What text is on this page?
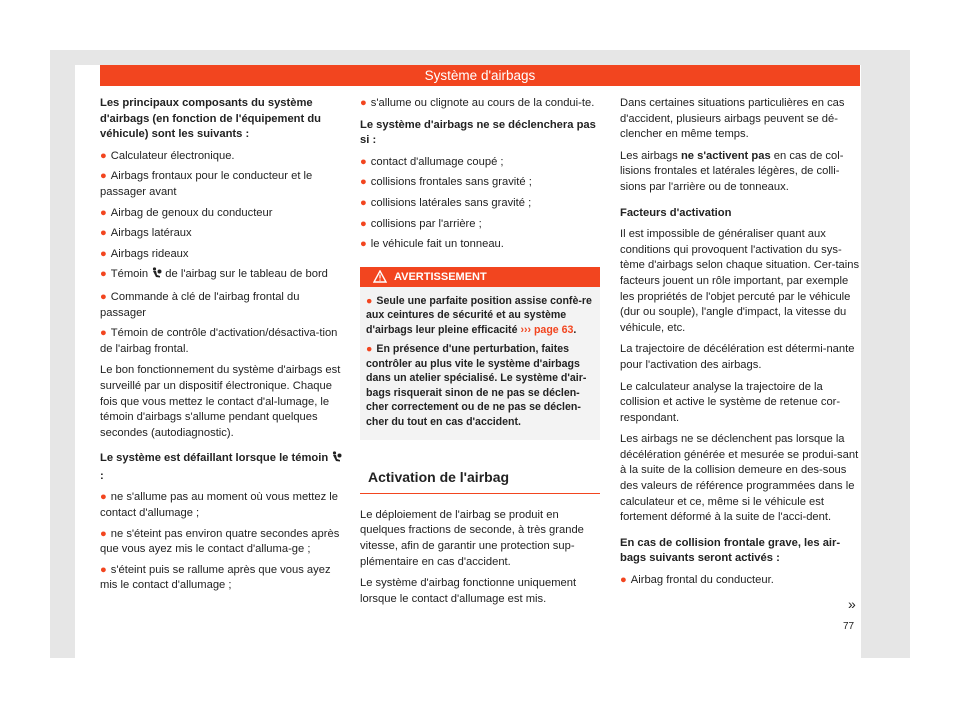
Système d'airbags

Les principaux composants du système d'airbags (en fonction de l'équipement du véhicule) sont les suivants :

● Calculateur électronique.
● Airbags frontaux pour le conducteur et le passager avant
● Airbag de genoux du conducteur
● Airbags latéraux
● Airbags rideaux
● Témoin de l'airbag sur le tableau de bord
● Commande à clé de l'airbag frontal du passager
● Témoin de contrôle d'activation/désactiva-tion de l'airbag frontal.

Le bon fonctionnement du système d'airbags est surveillé par un dispositif électronique. Chaque fois que vous mettez le contact d'al-lumage, le témoin d'airbags s'allume pendant quelques secondes (autodiagnostic).

Le système est défaillant lorsque le témoin  :

● ne s'allume pas au moment où vous mettez le contact d'allumage ;
● ne s'éteint pas environ quatre secondes après que vous ayez mis le contact d'alluma-ge ;
● s'éteint puis se rallume après que vous ayez mis le contact d'allumage ;
● s'allume ou clignote au cours de la condui-te.

Le système d'airbags ne se déclenchera pas si :

● contact d'allumage coupé ;
● collisions frontales sans gravité ;
● collisions latérales sans gravité ;
● collisions par l'arrière ;
● le véhicule fait un tonneau.
AVERTISSEMENT
● Seule une parfaite position assise confè-re aux ceintures de sécurité et au système d'airbags leur pleine efficacité ››› page 63.
● En présence d'une perturbation, faites contrôler au plus vite le système d'airbags dans un atelier spécialisé. Le système d'air-bags risquerait sinon de ne pas se déclen-cher correctement ou de ne pas se déclen-cher du tout en cas d'accident.
Activation de l'airbag

Le déploiement de l'airbag se produit en quelques fractions de seconde, à très grande vitesse, afin de garantir une protection sup-plémentaire en cas d'accident.

Le système d'airbag fonctionne uniquement lorsque le contact d'allumage est mis.

Dans certaines situations particulières en cas d'accident, plusieurs airbags peuvent se dé-clencher en même temps.

Les airbags ne s'activent pas en cas de col-lisions frontales et latérales légères, de colli-sions par l'arrière ou de tonneaux.

Facteurs d'activation

Il est impossible de généraliser quant aux conditions qui provoquent l'activation du sys-tème d'airbags selon chaque situation. Cer-tains facteurs jouent un rôle important, par exemple les propriétés de l'objet percuté par le véhicule (dur ou souple), l'angle d'impact, la vitesse du véhicule, etc.

La trajectoire de décélération est détermi-nante pour l'activation des airbags.

Le calculateur analyse la trajectoire de la collision et active le système de retenue cor-respondant.

Les airbags ne se déclenchent pas lorsque la décélération générée et mesurée se produi-sant à la suite de la collision demeure en des-sous des valeurs de référence programmées dans le calculateur et ce, même si le véhicule est fortement déformé à la suite de l'acci-dent.

En cas de collision frontale grave, les air-bags suivants seront activés :

● Airbag frontal du conducteur.
»
77
